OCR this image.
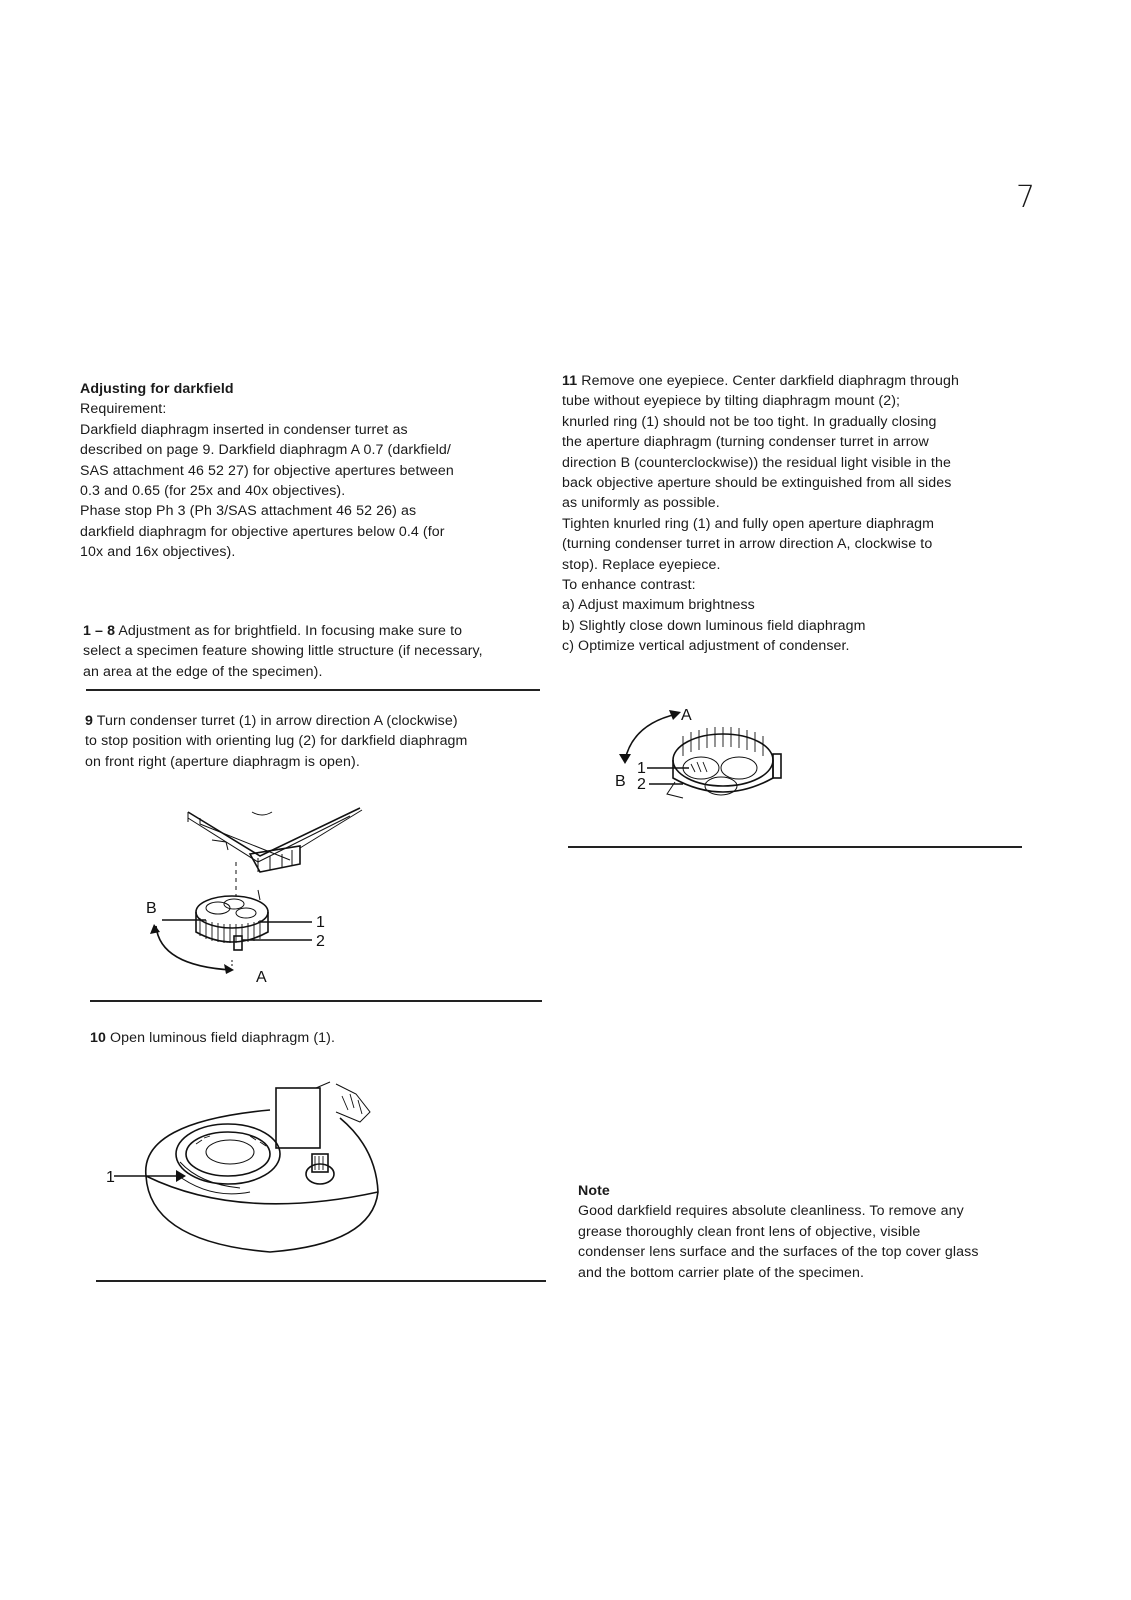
7

Adjusting for darkfield

Requirement:

Darkfield diaphragm inserted in condenser turret as

described on page 9. Darkfield diaphragm A 0.7 (darkfield/

SAS attachment 46 52 27) for objective apertures between

0.3 and 0.65 (for 25x and 40x objectives).

Phase stop Ph 3 (Ph 3/SAS attachment 46 52 26) as

darkfield diaphragm for objective apertures below 0.4 (for

10x and 16x objectives).

1 – 8 Adjustment as for brightfield. In focusing make sure to

select a specimen feature showing little structure (if necessary,

an area at the edge of the specimen).

9 Turn condenser turret (1) in arrow direction A (clockwise)

to stop position with orienting lug (2) for darkfield diaphragm

on front right (aperture diaphragm is open).

B
1
2
A

10 Open luminous field diaphragm (1).

1

11 Remove one eyepiece. Center darkfield diaphragm through

tube without eyepiece by tilting diaphragm mount (2);

knurled ring (1) should not be too tight. In gradually closing

the aperture diaphragm (turning condenser turret in arrow

direction B (counterclockwise)) the residual light visible in the

back objective aperture should be extinguished from all sides

as uniformly as possible.

Tighten knurled ring (1) and fully open aperture diaphragm

(turning condenser turret in arrow direction A, clockwise to

stop). Replace eyepiece.

To enhance contrast:

a) Adjust maximum brightness

b) Slightly close down luminous field diaphragm

c) Optimize vertical adjustment of condenser.

1
2
B
A

Note

Good darkfield requires absolute cleanliness. To remove any

grease thoroughly clean front lens of objective, visible

condenser lens surface and the surfaces of the top cover glass

and the bottom carrier plate of the specimen.
